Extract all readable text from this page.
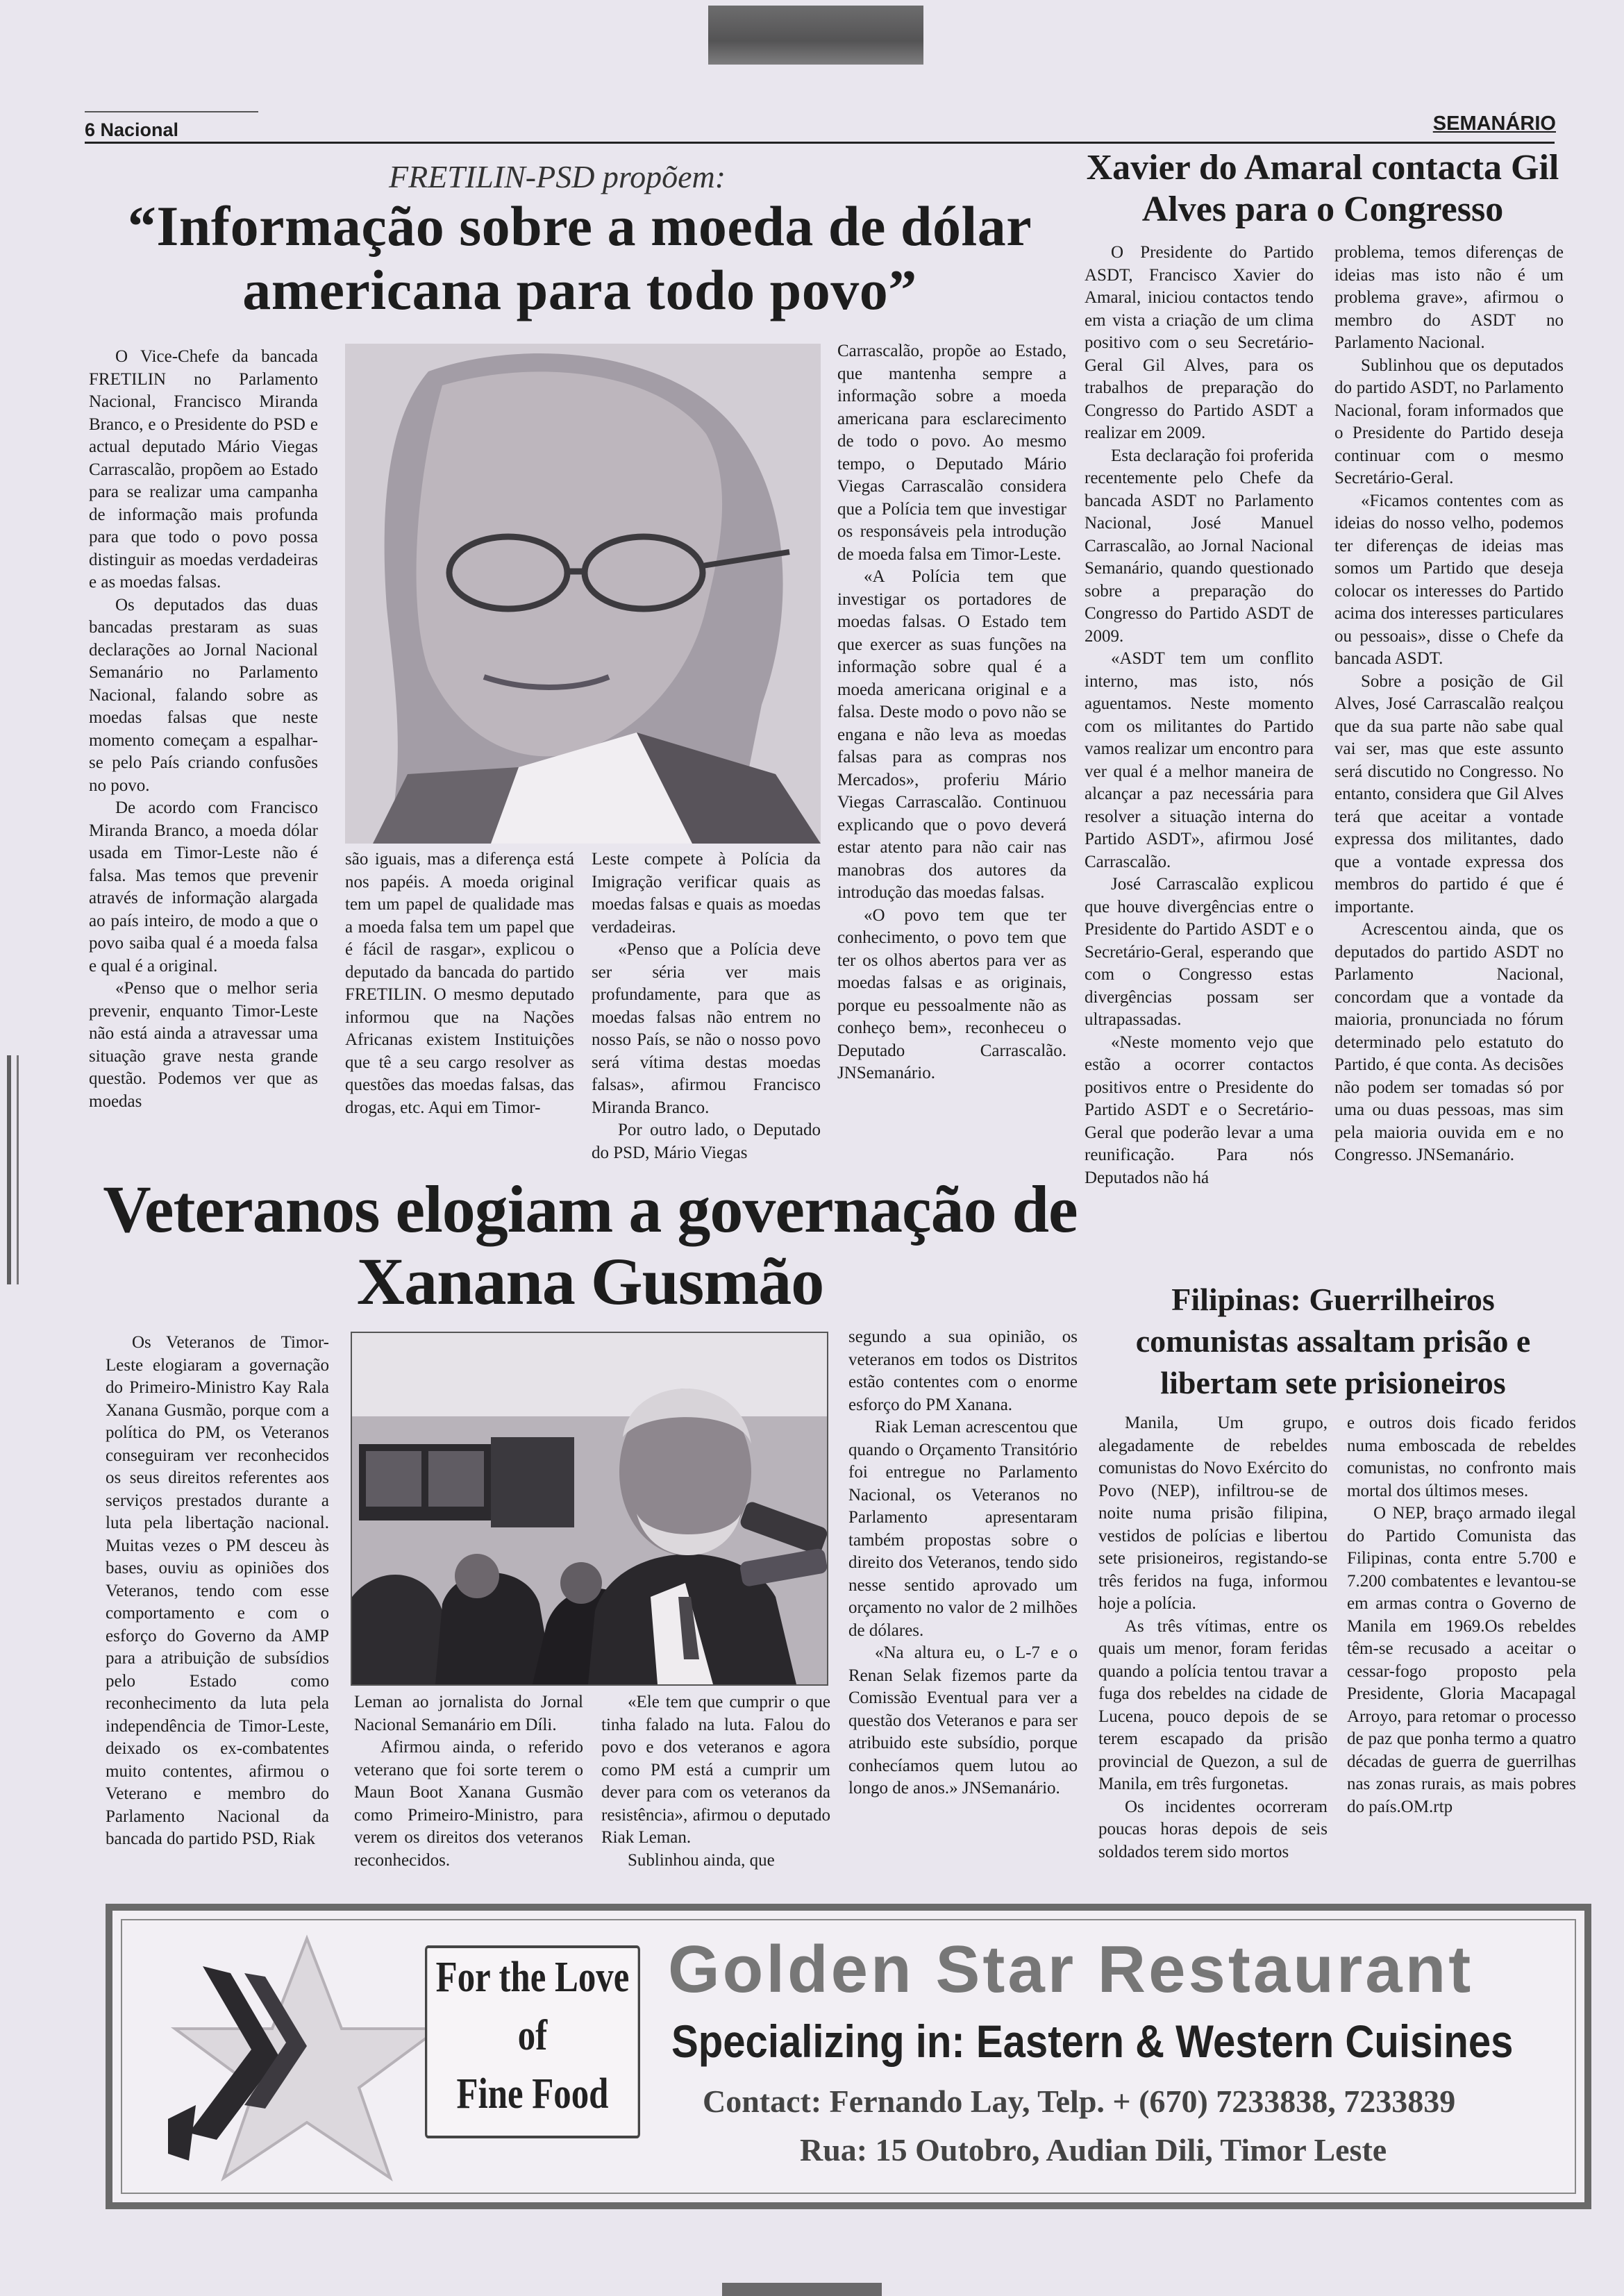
6 Nacional	SEMANÁRIO
FRETILIN-PSD propõem:
“Informação sobre a moeda de dólar americana para todo povo”

O Vice-Chefe da bancada FRETILIN no Parlamento Nacional, Francisco Miranda Branco, e o Presidente do PSD e actual deputado Mário Viegas Carrascalão, propõem ao Estado para se realizar uma campanha de informação mais profunda para que todo o povo possa distinguir as moedas verdadeiras e as moedas falsas.

Os deputados das duas bancadas prestaram as suas declarações ao Jornal Nacional Semanário no Parlamento Nacional, falando sobre as moedas falsas que neste momento começam a espalhar-se pelo País criando confusões no povo.

De acordo com Francisco Miranda Branco, a moeda dólar usada em Timor-Leste não é falsa. Mas temos que prevenir através de informação alargada ao país inteiro, de modo a que o povo saiba qual é a moeda falsa e qual é a original.

«Penso que o melhor seria prevenir, enquanto Timor-Leste não está ainda a atravessar uma situação grave nesta grande questão. Podemos ver que as moedas

são iguais, mas a diferença está nos papéis. A moeda original tem um papel de qualidade mas a moeda falsa tem um papel que é fácil de rasgar», explicou o deputado da bancada do partido FRETILIN. O mesmo deputado informou que na Nações Africanas existem Instituições que tê a seu cargo resolver as questões das moedas falsas, das drogas, etc. Aqui em Timor-

Leste compete à Polícia da Imigração verificar quais as moedas falsas e quais as moedas verdadeiras.

«Penso que a Polícia deve ser séria ver mais profundamente, para que as moedas falsas não entrem no nosso País, se não o nosso povo será vítima destas moedas falsas», afirmou Francisco Miranda Branco.

Por outro lado, o Deputado do PSD, Mário Viegas

Carrascalão, propõe ao Estado, que mantenha sempre a informação sobre a moeda americana para esclarecimento de todo o povo. Ao mesmo tempo, o Deputado Mário Viegas Carrascalão considera que a Polícia tem que investigar os responsáveis pela introdução de moeda falsa em Timor-Leste.

«A Polícia tem que investigar os portadores de moedas falsas. O Estado tem que exercer as suas funções na informação sobre qual é a moeda americana original e a falsa. Deste modo o povo não se engana e não leva as moedas falsas para as compras nos Mercados», proferiu Mário Viegas Carrascalão. Continuou explicando que o povo deverá estar atento para não cair nas manobras dos autores da introdução das moedas falsas.

«O povo tem que ter conhecimento, o povo tem que ter os olhos abertos para ver as moedas falsas e as originais, porque eu pessoalmente não as conheço bem», reconheceu o Deputado Carrascalão. JNSemanário.

Xavier do Amaral contacta Gil Alves para o Congresso

O Presidente do Partido ASDT, Francisco Xavier do Amaral, iniciou contactos tendo em vista a criação de um clima positivo com o seu Secretário-Geral Gil Alves, para os trabalhos de preparação do Congresso do Partido ASDT a realizar em 2009.

Esta declaração foi proferida recentemente pelo Chefe da bancada ASDT no Parlamento Nacional, José Manuel Carrascalão, ao Jornal Nacional Semanário, quando questionado sobre a preparação do Congresso do Partido ASDT de 2009.

«ASDT tem um conflito interno, mas isto, nós aguentamos. Neste momento com os militantes do Partido vamos realizar um encontro para ver qual é a melhor maneira de alcançar a paz necessária para resolver a situação interna do Partido ASDT», afirmou José Carrascalão.

José Carrascalão explicou que houve divergências entre o Presidente do Partido ASDT e o Secretário-Geral, esperando que com o Congresso estas divergências possam ser ultrapassadas.

«Neste momento vejo que estão a ocorrer contactos positivos entre o Presidente do Partido ASDT e o Secretário-Geral que poderão levar a uma reunificação. Para nós Deputados não há

problema, temos diferenças de ideias mas isto não é um problema grave», afirmou o membro do ASDT no Parlamento Nacional.

Sublinhou que os deputados do partido ASDT, no Parlamento Nacional, foram informados que o Presidente do Partido deseja continuar com o mesmo Secretário-Geral.

«Ficamos contentes com as ideias do nosso velho, podemos ter diferenças de ideias mas somos um Partido que deseja colocar os interesses do Partido acima dos interesses particulares ou pessoais», disse o Chefe da bancada ASDT.

Sobre a posição de Gil Alves, José Carrascalão realçou que da sua parte não sabe qual vai ser, mas que este assunto será discutido no Congresso. No entanto, considera que Gil Alves terá que aceitar a vontade expressa dos militantes, dado que a vontade expressa dos membros do partido é que é importante.

Acrescentou ainda, que os deputados do partido ASDT no Parlamento Nacional, concordam que a vontade da maioria, pronunciada no fórum determinado pelo estatuto do Partido, é que conta. As decisões não podem ser tomadas só por uma ou duas pessoas, mas sim pela maioria ouvida em e no Congresso. JNSemanário.

Veteranos elogiam a governação de Xanana Gusmão

Os Veteranos de Timor-Leste elogiaram a governação do Primeiro-Ministro Kay Rala Xanana Gusmão, porque com a política do PM, os Veteranos conseguiram ver reconhecidos os seus direitos referentes aos serviços prestados durante a luta pela libertação nacional. Muitas vezes o PM desceu às bases, ouviu as opiniões dos Veteranos, tendo com esse comportamento e com o esforço do Governo da AMP para a atribuição de subsídios pelo Estado como reconhecimento da luta pela independência de Timor-Leste, deixado os ex-combatentes muito contentes, afirmou o Veterano e membro do Parlamento Nacional da bancada do partido PSD, Riak

Leman ao jornalista do Jornal Nacional Semanário em Díli.

Afirmou ainda, o referido veterano que foi sorte terem o Maun Boot Xanana Gusmão como Primeiro-Ministro, para verem os direitos dos veteranos reconhecidos.

«Ele tem que cumprir o que tinha falado na luta. Falou do povo e dos veteranos e agora como PM está a cumprir um dever para com os veteranos da resistência», afirmou o deputado Riak Leman.

Sublinhou ainda, que

segundo a sua opinião, os veteranos em todos os Distritos estão contentes com o enorme esforço do PM Xanana.

Riak Leman acrescentou que quando o Orçamento Transitório foi entregue no Parlamento Nacional, os Veteranos no Parlamento apresentaram também propostas sobre o direito dos Veteranos, tendo sido nesse sentido aprovado um orçamento no valor de 2 milhões de dólares.

«Na altura eu, o L-7 e o Renan Selak fizemos parte da Comissão Eventual para ver a questão dos Veteranos e para ser atribuido este subsídio, porque conhecíamos quem lutou ao longo de anos.» JNSemanário.

Filipinas: Guerrilheiros comunistas assaltam prisão e libertam sete prisioneiros

Manila, Um grupo, alegadamente de rebeldes comunistas do Novo Exército do Povo (NEP), infiltrou-se de noite numa prisão filipina, vestidos de polícias e libertou sete prisioneiros, registando-se três feridos na fuga, informou hoje a polícia.

As três vítimas, entre os quais um menor, foram feridas quando a polícia tentou travar a fuga dos rebeldes na cidade de Lucena, pouco depois de se terem escapado da prisão provincial de Quezon, a sul de Manila, em três furgonetas.

Os incidentes ocorreram poucas horas depois de seis soldados terem sido mortos

e outros dois ficado feridos numa emboscada de rebeldes comunistas, no confronto mais mortal dos últimos meses.

O NEP, braço armado ilegal do Partido Comunista das Filipinas, conta entre 5.700 e 7.200 combatentes e levantou-se em armas contra o Governo de Manila em 1969.Os rebeldes têm-se recusado a aceitar o cessar-fogo proposto pela Presidente, Gloria Macapagal Arroyo, para retomar o processo de paz que ponha termo a quatro décadas de guerra de guerrilhas nas zonas rurais, as mais pobres do país.OM.rtp

For the Love of
Fine Food
Golden Star Restaurant
Specializing in: Eastern & Western Cuisines
Contact: Fernando Lay, Telp. + (670) 7233838, 7233839
Rua: 15 Outobro, Audian Dili, Timor Leste
